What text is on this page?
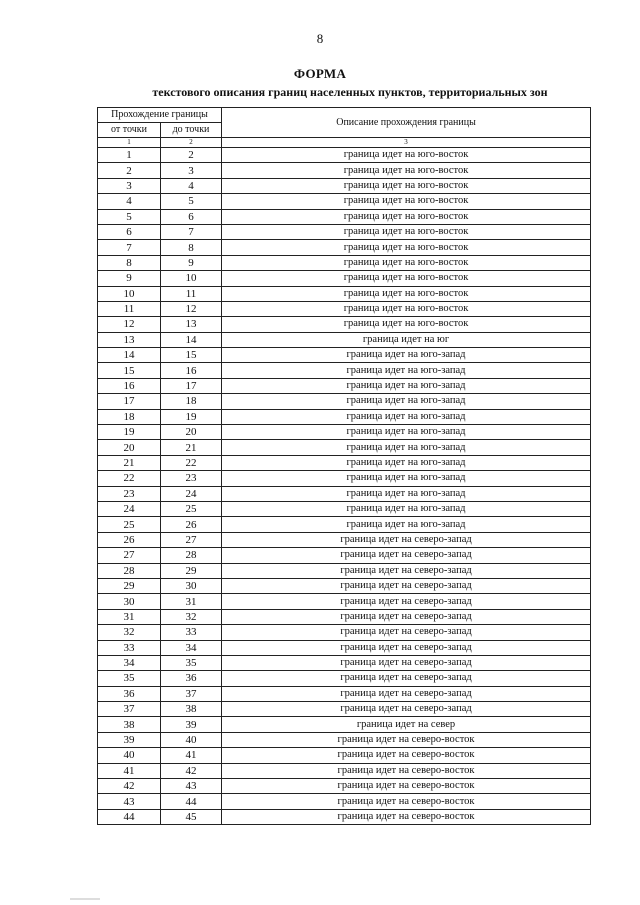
8
ФОРМА
текстового описания границ населенных пунктов, территориальных зон
Прохождение границы		Описание прохождения границы
от точки	до точки	
1	2	3
1	2	граница идет на юго-восток
2	3	граница идет на юго-восток
3	4	граница идет на юго-восток
4	5	граница идет на юго-восток
5	6	граница идет на юго-восток
6	7	граница идет на юго-восток
7	8	граница идет на юго-восток
8	9	граница идет на юго-восток
9	10	граница идет на юго-восток
10	11	граница идет на юго-восток
11	12	граница идет на юго-восток
12	13	граница идет на юго-восток
13	14	граница идет на юг
14	15	граница идет на юго-запад
15	16	граница идет на юго-запад
16	17	граница идет на юго-запад
17	18	граница идет на юго-запад
18	19	граница идет на юго-запад
19	20	граница идет на юго-запад
20	21	граница идет на юго-запад
21	22	граница идет на юго-запад
22	23	граница идет на юго-запад
23	24	граница идет на юго-запад
24	25	граница идет на юго-запад
25	26	граница идет на юго-запад
26	27	граница идет на северо-запад
27	28	граница идет на северо-запад
28	29	граница идет на северо-запад
29	30	граница идет на северо-запад
30	31	граница идет на северо-запад
31	32	граница идет на северо-запад
32	33	граница идет на северо-запад
33	34	граница идет на северо-запад
34	35	граница идет на северо-запад
35	36	граница идет на северо-запад
36	37	граница идет на северо-запад
37	38	граница идет на северо-запад
38	39	граница идет на север
39	40	граница идет на северо-восток
40	41	граница идет на северо-восток
41	42	граница идет на северо-восток
42	43	граница идет на северо-восток
43	44	граница идет на северо-восток
44	45	граница идет на северо-восток
